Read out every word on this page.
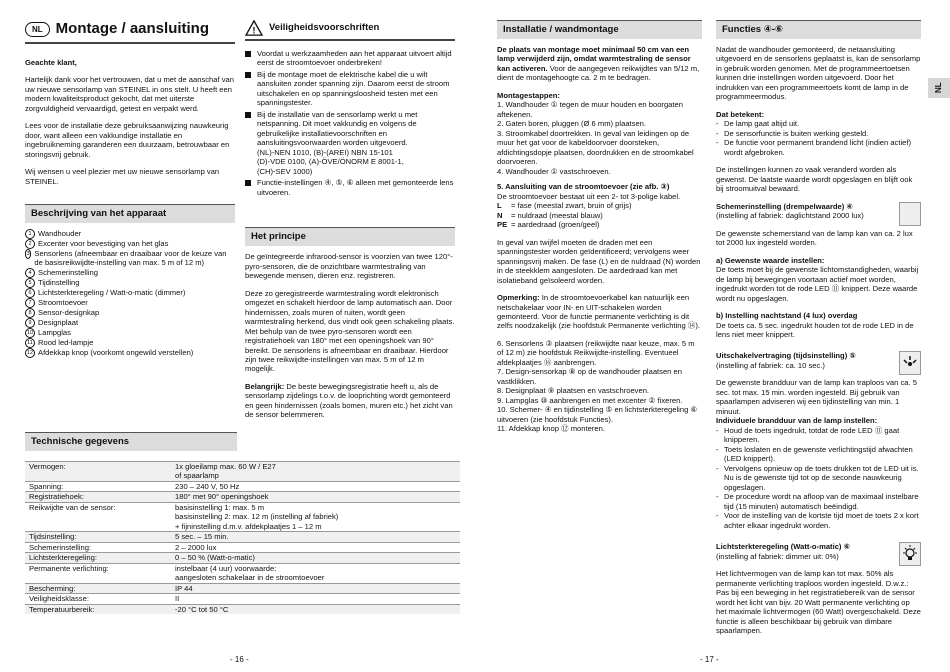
NL Montage / aansluiting

Geachte klant,

Hartelijk dank voor het vertrouwen, dat u met de aanschaf van uw nieuwe sensorlamp van STEINEL in ons stelt. U heeft een modern kwaliteitsproduct gekocht, dat met uiterste zorgvuldigheid vervaardigd, getest en verpakt werd.

Lees voor de installatie deze gebruiksaanwijzing nauwkeurig door, want alleen een vakkundige installatie en ingebruikneming garanderen een duurzaam, betrouwbaar en storingsvrij gebruik.

Wij wensen u veel plezier met uw nieuwe sensorlamp van STEINEL.

Beschrijving van het apparaat
1 Wandhouder
2 Excenter voor bevestiging van het glas
3 Sensorlens (afneembaar en draaibaar voor de keuze van de basisreikwijdte-instelling van max. 5 m of 12 m)
4 Schemerinstelling
5 Tijdinstelling
6 Lichtsterkteregeling / Watt-o-matic (dimmer)
7 Stroomtoevoer
8 Sensor-designkap
9 Designplaat
10 Lampglas
11 Rood led-lampje
12 Afdekkap knop (voorkomt ongewild verstellen)
! Veiligheidsvoorschriften
Voordat u werkzaamheden aan het apparaat uitvoert altijd eerst de stroomtoevoer onderbreken!
Bij de montage moet de elektrische kabel die u wilt aansluiten zonder spanning zijn. Daarom eerst de stroom uitschakelen en op spanningsloosheid testen met een spanningstester.
Bij de installatie van de sensorlamp werkt u met netspanning. Dit moet vakkundig en volgens de gebruikelijke installatievoorschriften en aansluitingsvoorwaarden worden uitgevoerd.
(NL)-NEN 1010, (B)-(AREI) NBN 15-101
(D)-VDE 0100, (A)-ÖVE/ÖNORM E 8001-1,
(CH)-SEV 1000)
Functie-instellingen ④, ⑤, ⑥ alleen met gemonteerde lens uitvoeren.
Het principe

De geïntegreerde infrarood-sensor is voorzien van twee 120°-pyro-sensoren, die de onzichtbare warmtestraling van bewegende mensen, dieren enz. registreren.

Deze zo geregistreerde warmtestraling wordt elektronisch omgezet en schakelt hierdoor de lamp automatisch aan. Door hindernissen, zoals muren of ruiten, wordt geen warmtestraling herkend, dus vindt ook geen schakeling plaats. Met behulp van de twee pyro-sensoren wordt een registratiehoek van 180° met een openingshoek van 90° bereikt. De sensorlens is afneembaar en draaibaar. Hierdoor zijn twee reikwijdte-instellingen van max. 5 m of 12 m mogelijk.

Belangrijk: De beste bewegingsregistratie heeft u, als de sensorlamp zijdelings t.o.v. de looprichting wordt gemonteerd en geen hindernissen (zoals bomen, muren etc.) het zicht van de sensor belemmeren.

Technische gegevens
Vermogen:	1x gloeilamp max. 60 W / E27
of spaarlamp
Spanning:	230 – 240 V, 50 Hz
Registratiehoek:	180° met 90° openingshoek
Reikwijdte van de sensor:	basisinstelling 1: max. 5 m
basisinstelling 2: max. 12 m (instelling af fabriek)
+ fijninstelling d.m.v. afdekplaatjes 1 – 12 m
Tijdsinstelling:	5 sec. – 15 min.
Schemerinstelling:	2 – 2000 lux
Lichtsterkteregeling:	0 – 50 % (Watt-o-matic)
Permanente verlichting:	instelbaar (4 uur) voorwaarde:
aangesloten schakelaar in de stroomtoevoer
Bescherming:	IP 44
Veiligheidsklasse:	II
Temperatuurbereik:	-20 °C tot 50 °C
- 16 -
Installatie / wandmontage

De plaats van montage moet minimaal 50 cm van een lamp verwijderd zijn, omdat warmtestraling de sensor kan activeren. Voor de aangegeven reikwijdtes van 5/12 m, dient de montagehoogte ca. 2 m te bedragen.

Montagestappen:
1. Wandhouder ① tegen de muur houden en boorgaten aftekenen.
2. Gaten boren, pluggen (Ø 6 mm) plaatsen.
3. Stroomkabel doortrekken. In geval van leidingen op de muur het gat voor de kabeldoorvoer doorsteken, afdichtingsdopje plaatsen, doordrukken en de stroomkabel doorvoeren.
4. Wandhouder ① vastschroeven.
5. Aansluiting van de stroomtoevoer (zie afb. ③)
De stroomtoevoer bestaat uit een 2- tot 3-polige kabel.
L	= fase (meestal zwart, bruin of grijs)
N	= nuldraad (meestal blauw)
PE = aardedraad (groen/geel)

In geval van twijfel moeten de draden met een spanningstester worden geïdentificeerd; vervolgens weer spanningsvrij maken. De fase (L) en de nuldraad (N) worden in de steekklem aangesloten. De aardedraad kan met isolatieband geïsoleerd worden.

Opmerking: In de stroomtoevoerkabel kan natuurlijk een netschakelaar voor IN- en UIT-schakelen worden gemonteerd. Voor de functie permanente verlichting is dit zelfs noodzakelijk (zie hoofdstuk Permanente verlichting ⑭).

6. Sensorlens ③ plaatsen (reikwijdte naar keuze, max. 5 m of 12 m) zie hoofdstuk Reikwijdte-instelling. Eventueel afdekplaatjes ⑯ aanbrengen.
7. Design-sensorkap ⑧ op de wandhouder plaatsen en vastklikken.
8. Designplaat ⑨ plaatsen en vastschroeven.
9. Lampglas ⑩ aanbrengen en met excenter ② fixeren.
10. Schemer- ④ en tijdinstelling ⑤ en lichtsterkteregeling ⑥ uitvoeren (zie hoofdstuk Functies).
11. Afdekkap knop ⑫ monteren.
- 17 -
Functies ④-⑥

Nadat de wandhouder gemonteerd, de netaansluiting uitgevoerd en de sensorlens geplaatst is, kan de sensorlamp in gebruik worden genomen. Met de programmeertoetsen kunnen drie instellingen worden uitgevoerd. Door het indrukken van een programmeertoets komt de lamp in de programmeermodus.

Dat betekent:
- De lamp gaat altijd uit.
- De sensorfunctie is buiten werking gesteld.
- De functie voor permanent brandend licht (indien actief) wordt afgebroken.

De instellingen kunnen zo vaak veranderd worden als gewenst. De laatste waarde wordt opgeslagen en blijft ook bij stroomuitval bewaard.

Schemerinstelling (drempelwaarde) ④
(instelling af fabriek: daglichtstand 2000 lux)

De gewenste schemerstand van de lamp kan van ca. 2 lux tot 2000 lux ingesteld worden.

a) Gewenste waarde instellen:

De toets moet bij de gewenste lichtomstandigheden, waarbij de lamp bij bewegingen voortaan actief moet worden, ingedrukt worden tot de rode LED ⑪ knippert. Deze waarde wordt nu opgeslagen.

b) Instelling nachtstand (4 lux) overdag

De toets ca. 5 sec. ingedrukt houden tot de rode LED in de lens niet meer knippert.

Uitschakelvertraging (tijdsinstelling) ⑤
(instelling af fabriek: ca. 10 sec.)

De gewenste brandduur van de lamp kan traploos van ca. 5 sec. tot max. 15 min. worden ingesteld. Bij gebruik van spaarlampen adviseren wij een tijdinstelling van min. 1 minuut.

Individuele brandduur van de lamp instellen:
- Houd de toets ingedrukt, totdat de rode LED ⑪ gaat knipperen.
- Toets loslaten en de gewenste verlichtingstijd afwachten (LED knippert).
- Vervolgens opnieuw op de toets drukken tot de LED uit is. Nu is de gewenste tijd tot op de seconde nauwkeurig opgeslagen.
- De procedure wordt na afloop van de maximaal instelbare tijd (15 minuten) automatisch beëindigd.
- Voor de instelling van de kortste tijd moet de toets 2 x kort achter elkaar ingedrukt worden.
Lichtsterkteregeling (Watt-o-matic) ⑥
(instelling af fabriek: dimmer uit: 0%)

Het lichtvermogen van de lamp kan tot max. 50% als permanente verlichting traploos worden ingesteld. D.w.z.: Pas bij een beweging in het registratiebereik van de sensor wordt het licht van bijv. 20 Watt permanente verlichting op het maximale lichtvermogen (60 Watt) overgeschakeld. Deze functie is alleen beschikbaar bij gebruik van dimbare spaarlampen.

NL
